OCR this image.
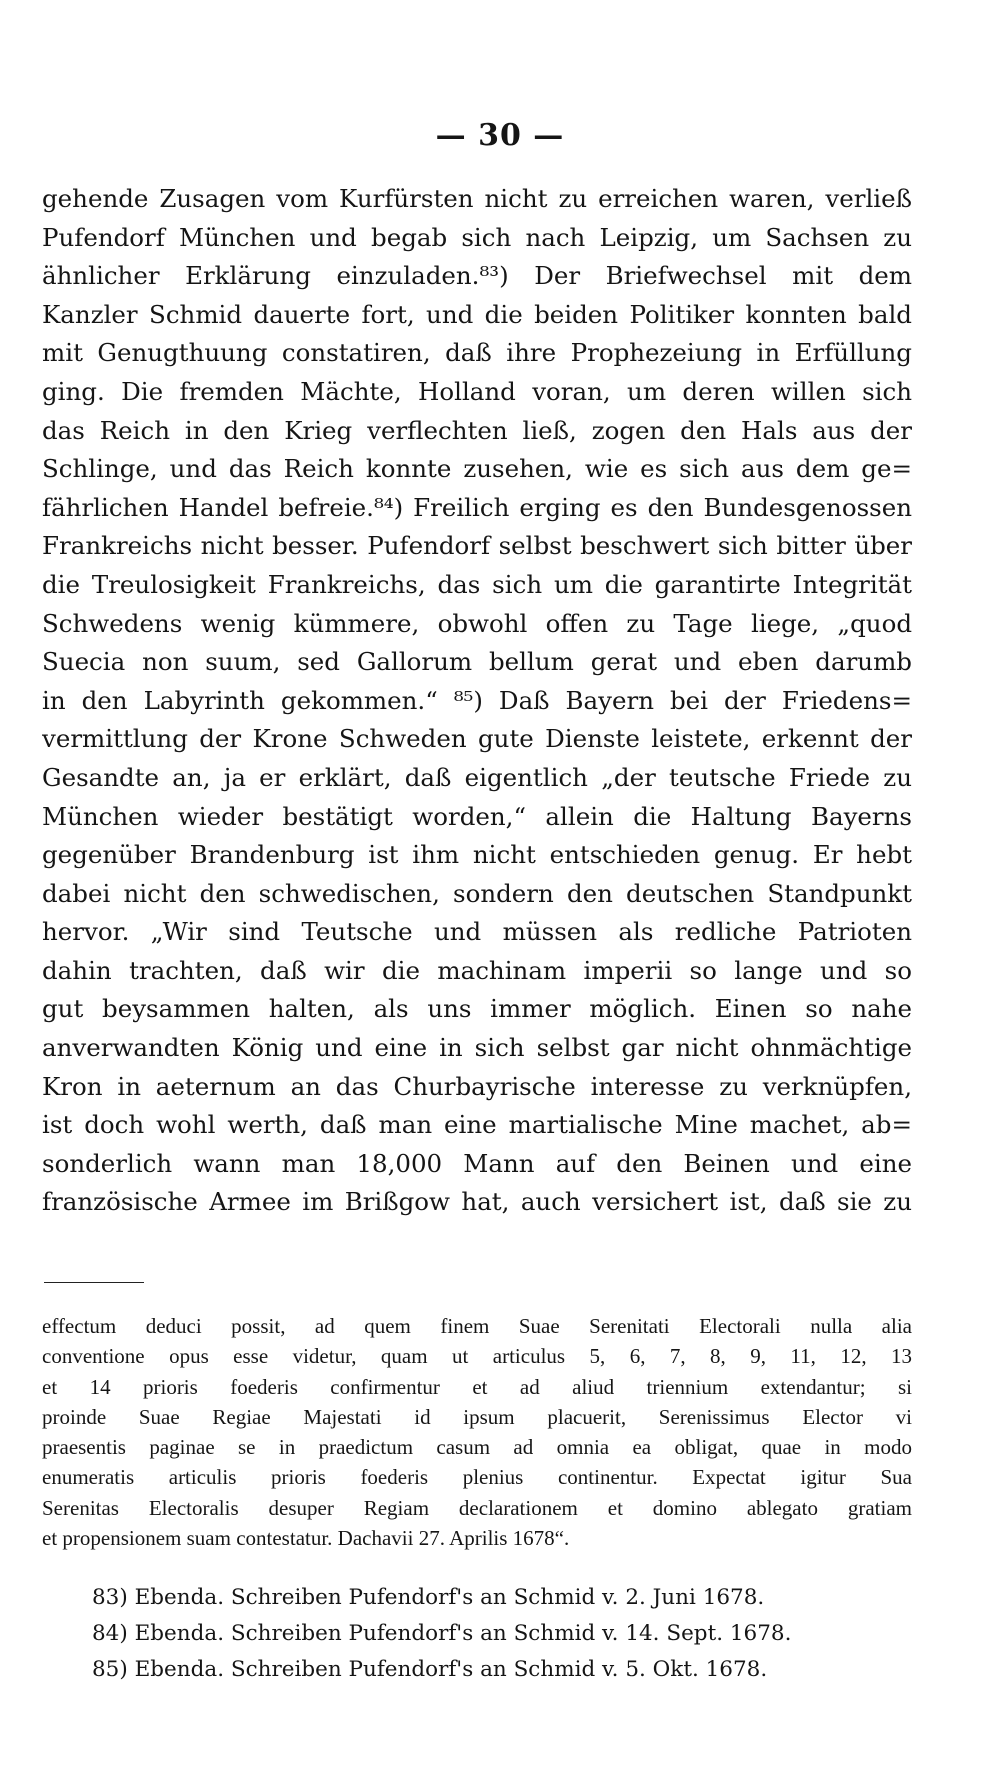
— 30 —
gehende Zusagen vom Kurfürsten nicht zu erreichen waren, verließ
Pufendorf München und begab sich nach Leipzig, um Sachsen zu
ähnlicher Erklärung einzuladen.⁸³) Der Briefwechsel mit dem
Kanzler Schmid dauerte fort, und die beiden Politiker konnten bald
mit Genugthuung constatiren, daß ihre Prophezeiung in Erfüllung
ging. Die fremden Mächte, Holland voran, um deren willen sich
das Reich in den Krieg verflechten ließ, zogen den Hals aus der
Schlinge, und das Reich konnte zusehen, wie es sich aus dem ge=
fährlichen Handel befreie.⁸⁴) Freilich erging es den Bundesgenossen
Frankreichs nicht besser. Pufendorf selbst beschwert sich bitter über
die Treulosigkeit Frankreichs, das sich um die garantirte Integrität
Schwedens wenig kümmere, obwohl offen zu Tage liege, „quod
Suecia non suum, sed Gallorum bellum gerat und eben darumb
in den Labyrinth gekommen.“ ⁸⁵) Daß Bayern bei der Friedens=
vermittlung der Krone Schweden gute Dienste leistete, erkennt der
Gesandte an, ja er erklärt, daß eigentlich „der teutsche Friede zu
München wieder bestätigt worden,“ allein die Haltung Bayerns
gegenüber Brandenburg ist ihm nicht entschieden genug. Er hebt
dabei nicht den schwedischen, sondern den deutschen Standpunkt
hervor. „Wir sind Teutsche und müssen als redliche Patrioten
dahin trachten, daß wir die machinam imperii so lange und so
gut beysammen halten, als uns immer möglich. Einen so nahe
anverwandten König und eine in sich selbst gar nicht ohnmächtige
Kron in aeternum an das Churbayrische interesse zu verknüpfen,
ist doch wohl werth, daß man eine martialische Mine machet, ab=
sonderlich wann man 18,000 Mann auf den Beinen und eine
französische Armee im Brißgow hat, auch versichert ist, daß sie zu
effectum deduci possit, ad quem finem Suae Serenitati Electorali nulla alia
conventione opus esse videtur, quam ut articulus 5, 6, 7, 8, 9, 11, 12, 13
et 14 prioris foederis confirmentur et ad aliud triennium extendantur; si
proinde Suae Regiae Majestati id ipsum placuerit, Serenissimus Elector vi
praesentis paginae se in praedictum casum ad omnia ea obligat, quae in modo
enumeratis articulis prioris foederis plenius continentur. Expectat igitur Sua
Serenitas Electoralis desuper Regiam declarationem et domino ablegato gratiam
et propensionem suam contestatur. Dachavii 27. Aprilis 1678“.
83) Ebenda. Schreiben Pufendorf's an Schmid v. 2. Juni 1678.
84) Ebenda. Schreiben Pufendorf's an Schmid v. 14. Sept. 1678.
85) Ebenda. Schreiben Pufendorf's an Schmid v. 5. Okt. 1678.
